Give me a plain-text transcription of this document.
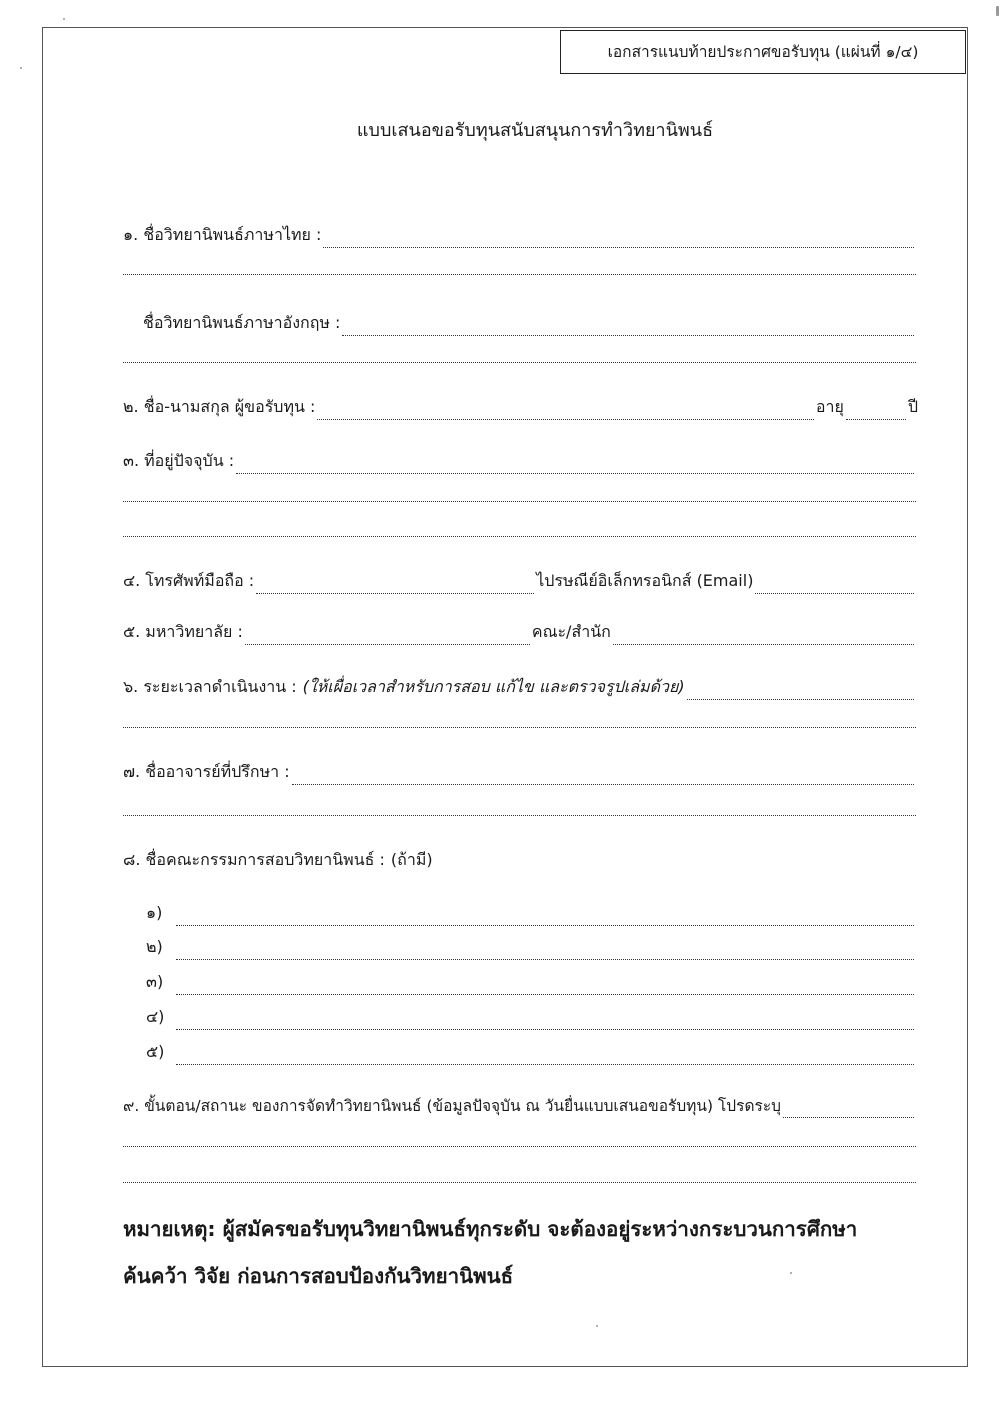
เอกสารแนบท้ายประกาศขอรับทุน (แผ่นที่ ๑/๔)
แบบเสนอขอรับทุนสนับสนุนการทำวิทยานิพนธ์
๑. ชื่อวิทยานิพนธ์ภาษาไทย :
ชื่อวิทยานิพนธ์ภาษาอังกฤษ :
๒. ชื่อ-นามสกุล ผู้ขอรับทุน :	อายุ	ปี
๓. ที่อยู่ปัจจุบัน :
๔. โทรศัพท์มือถือ :	ไปรษณีย์อิเล็กทรอนิกส์ (Email)
๕. มหาวิทยาลัย :	คณะ/สำนัก
๖. ระยะเวลาดำเนินงาน : (ให้เผื่อเวลาสำหรับการสอบ แก้ไข และตรวจรูปเล่มด้วย)
๗. ชื่ออาจารย์ที่ปรึกษา :
๘. ชื่อคณะกรรมการสอบวิทยานิพนธ์ : (ถ้ามี)
๑)
๒)
๓)
๔)
๕)
๙. ขั้นตอน/สถานะ ของการจัดทำวิทยานิพนธ์ (ข้อมูลปัจจุบัน ณ วันยื่นแบบเสนอขอรับทุน) โปรดระบุ
หมายเหตุ: ผู้สมัครขอรับทุนวิทยานิพนธ์ทุกระดับ จะต้องอยู่ระหว่างกระบวนการศึกษา
ค้นคว้า วิจัย ก่อนการสอบป้องกันวิทยานิพนธ์
